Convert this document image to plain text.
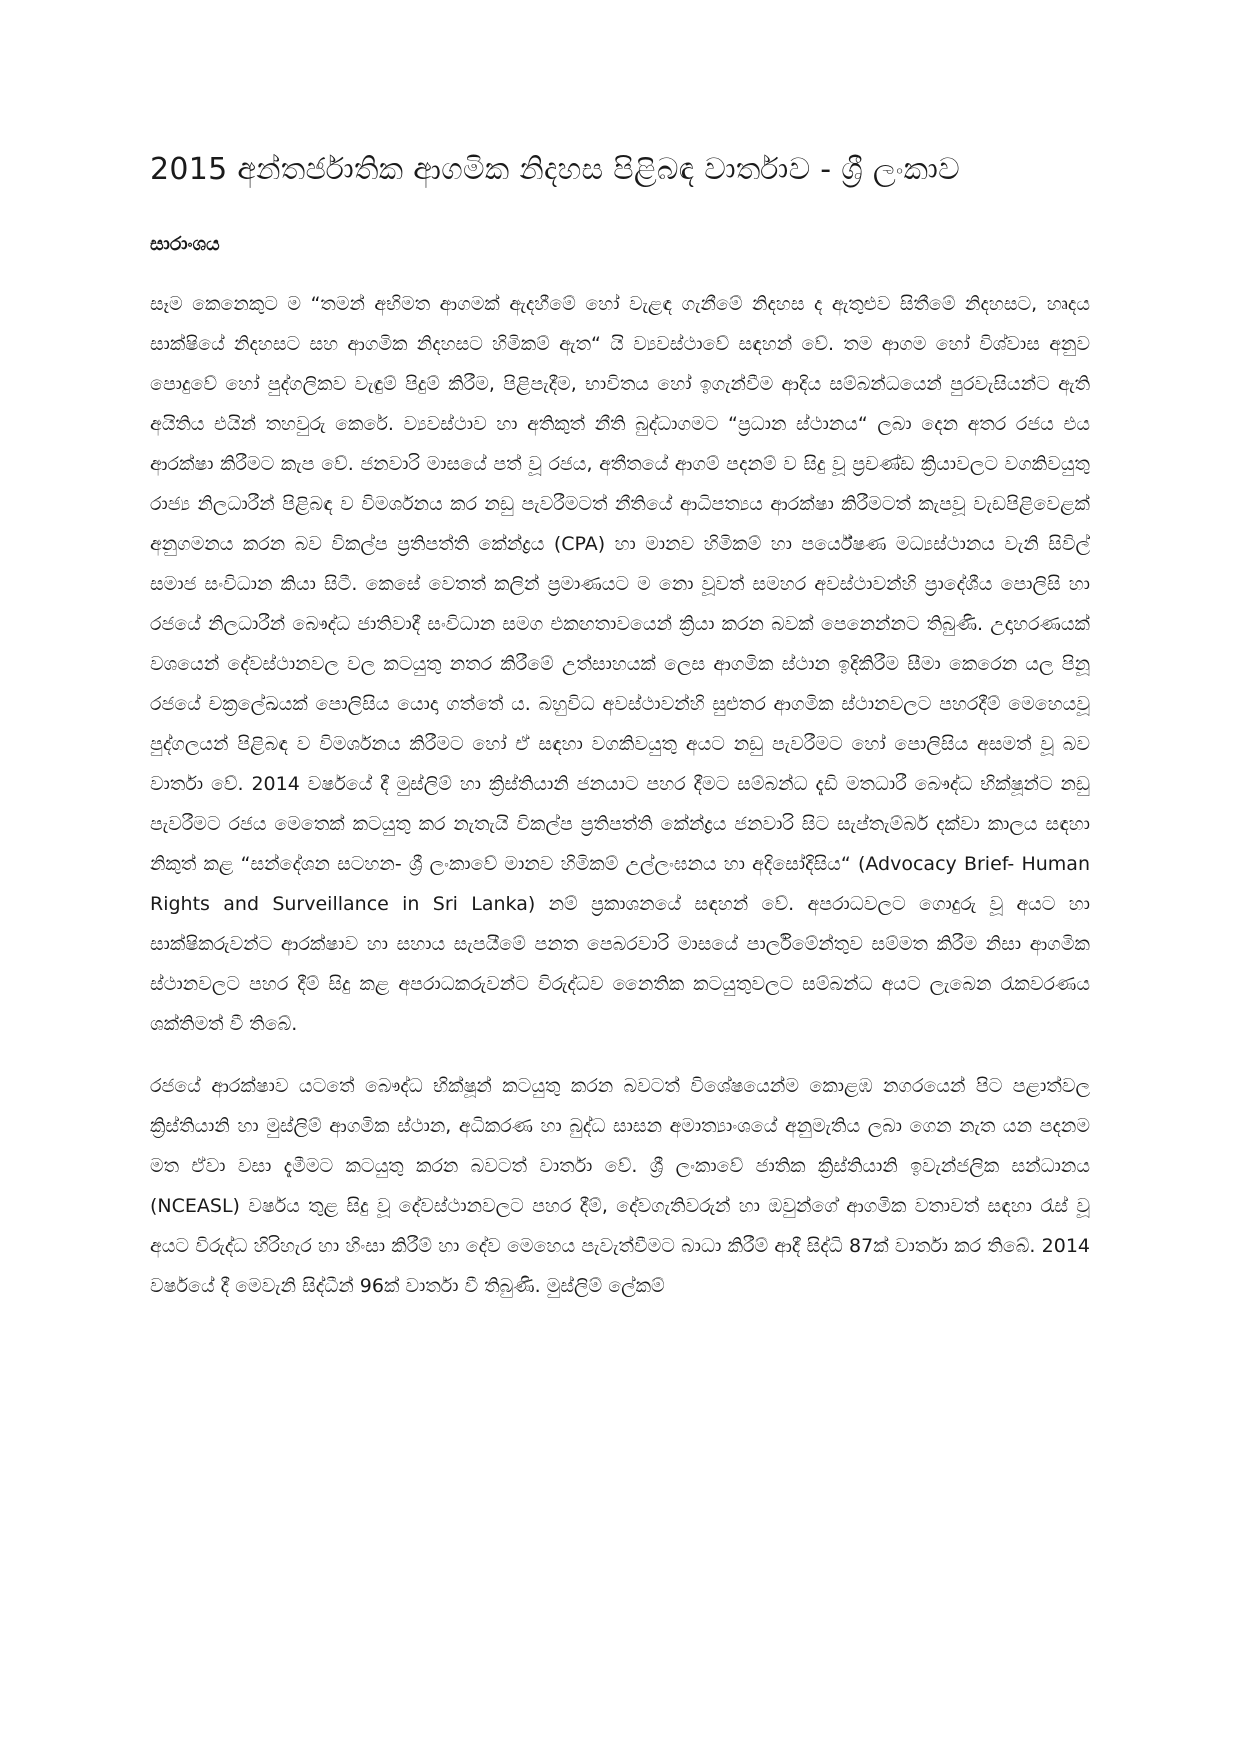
2015 අන්තර්ජාතික ආගමික නිදහස පිළිබඳ වාර්තාව - ශ්‍රී ලංකාව
සාරාංශය

සෑම කෙනෙකුට ම “තමන් අභිමත ආගමක් ඇදහීමේ හෝ වැළඳ ගැනීමේ නිදහස ද ඇතුළුව සිතීමේ නිදහසට, හෘදය සාක්ෂියේ නිදහසට සහ ආගමික නිදහසට හිමිකම් ඇත“ යි ව්‍යවස්ථාවේ සඳහන් වේ. තම ආගම හෝ විශ්වාස අනුව පොදුවේ හෝ පුද්ගලිකව වැඳුම් පිදුම් කිරීම, පිළිපැදීම, භාවිතය හෝ ඉගැන්වීම ආදිය සම්බන්ධයෙන් පුරවැසියන්ට ඇති අයිතිය එයින් තහවුරු කෙරේ. ව්‍යවස්ථාව හා අතිකුත් නීති බුද්ධාගමට “ප්‍රධාන ස්ථානය“ ලබා දෙන අතර රජය එය ආරක්ෂා කිරීමට කැප වේ. ජනවාරි මාසයේ පත් වූ රජය, අතීතයේ ආගම් පදනම් ව සිදු වූ ප්‍රචණ්ඩ ක්‍රියාවලට වගකිවයුතු රාජ්‍ය නිලධාරීන් පිළිබඳ ව විමර්ශනය කර නඩු පැවරීමටත් නීතියේ ආධිපත්‍යය ආරක්ෂා කිරීමටත් කැපවූ වැඩපිළිවෙළක් අනුගමනය කරන බව විකල්ප ප්‍රතිපත්ති කේන්ද්‍රය (CPA) හා මානව හිමිකම් හා පර්යේෂණ මධ්‍යස්ථානය වැනි සිවිල් සමාජ සංවිධාන කියා සිටී. කෙසේ වෙතත් කලින් ප්‍රමාණයට ම නො වූවත් සමහර අවස්ථාවන්හි ප්‍රාදේශීය පොලිසි හා රජයේ නිලධාරීන් බෞද්ධ ජාතිවාදී සංවිධාන සමග එකඟතාවයෙන් ක්‍රියා කරන බවක් පෙනෙන්නට තිබුණි. උදාහරණයක් වශයෙන් දේවස්ථානවල වල කටයුතු නතර කිරීමේ උත්සාහයක් ලෙස ආගමික ස්ථාන ඉදිකිරීම සීමා කෙරෙන යල පිනූ රජයේ චක්‍රලේඛයක් පොලිසිය යොදා ගත්තේ ය. බහුවිධ අවස්ථාවන්හි සුළුතර ආගමික ස්ථානවලට පහරදීම් මෙහෙයවූ පුද්ගලයන් පිළිබඳ ව විමර්ශනය කිරීමට හෝ ඒ සඳහා වගකිවයුතු අයට නඩු පැවරීමට හෝ පොලිසිය අසමත් වූ බව වාර්තා වේ. 2014 වර්ෂයේ දී මුස්ලිම් හා ක්‍රිස්තියානි ජනයාට පහර දීමට සම්බන්ධ දැඩි මතධාරී බෞද්ධ භික්ෂූන්ට නඩු පැවරීමට රජය මෙතෙක් කටයුතු කර නැතැයි විකල්ප ප්‍රතිපත්ති කේන්ද්‍රය ජනවාරි සිට සැප්තැම්බර් දක්වා කාලය සඳහා නිකුත් කළ “සන්දේශන සටහන- ශ්‍රී ලංකාවේ මානව හිමිකම් උල්ලංඝනය හා අදිසෝදිසිය“ (Advocacy Brief- Human Rights and Surveillance in Sri Lanka) නම් ප්‍රකාශනයේ සඳහන් වේ. අපරාධවලට ගොදුරු වූ අයට හා සාක්ෂිකරුවන්ට ආරක්ෂාව හා සහාය සැපයීමේ පනත පෙබරවාරි මාසයේ පාර්ලිමේන්තුව සම්මත කිරීම නිසා ආගමික ස්ථානවලට පහර දීම් සිදු කළ අපරාධකරුවන්ට විරුද්ධව නෛතික කටයුතුවලට සම්බන්ධ අයට ලැබෙන රැකවරණය ශක්තිමත් වී තිබේ.

රජයේ ආරක්ෂාව යටතේ බෞද්ධ භික්ෂූන් කටයුතු කරන බවටත් විශේෂයෙන්ම කොළඹ නගරයෙන් පිට පළාත්වල ක්‍රිස්තියානි හා මුස්ලිම් ආගමික ස්ථාන, අධිකරණ හා බුද්ධ සාසන අමාත්‍යාංශයේ අනුමැතිය ලබා ගෙන නැත යන පදනම මත ඒවා වසා දැමීමට කටයුතු කරන බවටත් වාර්තා වේ. ශ්‍රී ලංකාවේ ජාතික ක්‍රිස්තියානි ඉවැන්ජලික සන්ධානය (NCEASL) වර්ෂය තුළ සිදු වූ දේවස්ථානවලට පහර දීම්, දේවගැතිවරුන් හා ඔවුන්ගේ ආගමික වතාවත් සඳහා රැස් වූ අයට විරුද්ධ හිරිහැර හා හිංසා කිරීම් හා දේව මෙහෙය පැවැත්වීමට බාධා කිරීම් ආදී සිද්ධි 87ක් වාර්තා කර තිබේ. 2014 වර්ෂයේ දී මෙවැනි සිද්ධීන් 96ක් වාර්තා වී තිබුණි. මුස්ලිම් ලේකම්
